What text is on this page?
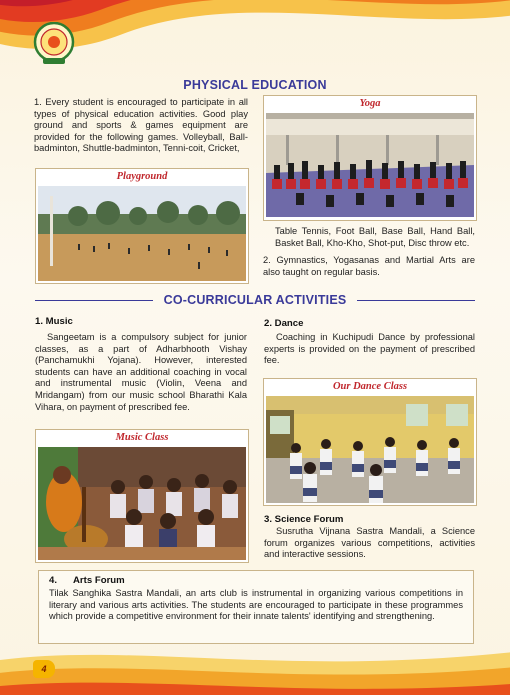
PHYSICAL EDUCATION
1. Every student is encouraged to participate in all types of physical education activities. Good play ground and sports & games equipment are provided for the following games. Volleyball, Ball-badminton, Shuttle-badminton, Tenni-coit, Cricket,
Yoga
Playground
Table Tennis, Foot Ball, Base Ball, Hand Ball, Basket Ball, Kho-Kho, Shot-put, Disc throw etc.
2. Gymnastics, Yogasanas and Martial Arts are also taught on regular basis.
CO-CURRICULAR ACTIVITIES
1. Music
Sangeetam is a compulsory subject for junior classes, as a part of Adharbhooth Vishay (Panchamukhi Yojana). However, interested students can have an additional coaching in vocal and instrumental music (Violin, Veena and Mridangam) from our music school Bharathi Kala Vihara, on payment of prescribed fee.
Music Class
2. Dance
Coaching in Kuchipudi Dance by professional experts is provided on the payment of prescribed fee.
Our Dance Class
3. Science Forum
Susrutha Vijnana Sastra Mandali, a Science forum organizes various competitions, activities and interactive sessions.
4. Arts Forum
Tilak Sanghika Sastra Mandali, an arts club is instrumental in organizing various competitions in literary and various arts activities. The students are encouraged to participate in these programmes which provide a competitive environment for their innate talents' identifying and strengthening.
4
